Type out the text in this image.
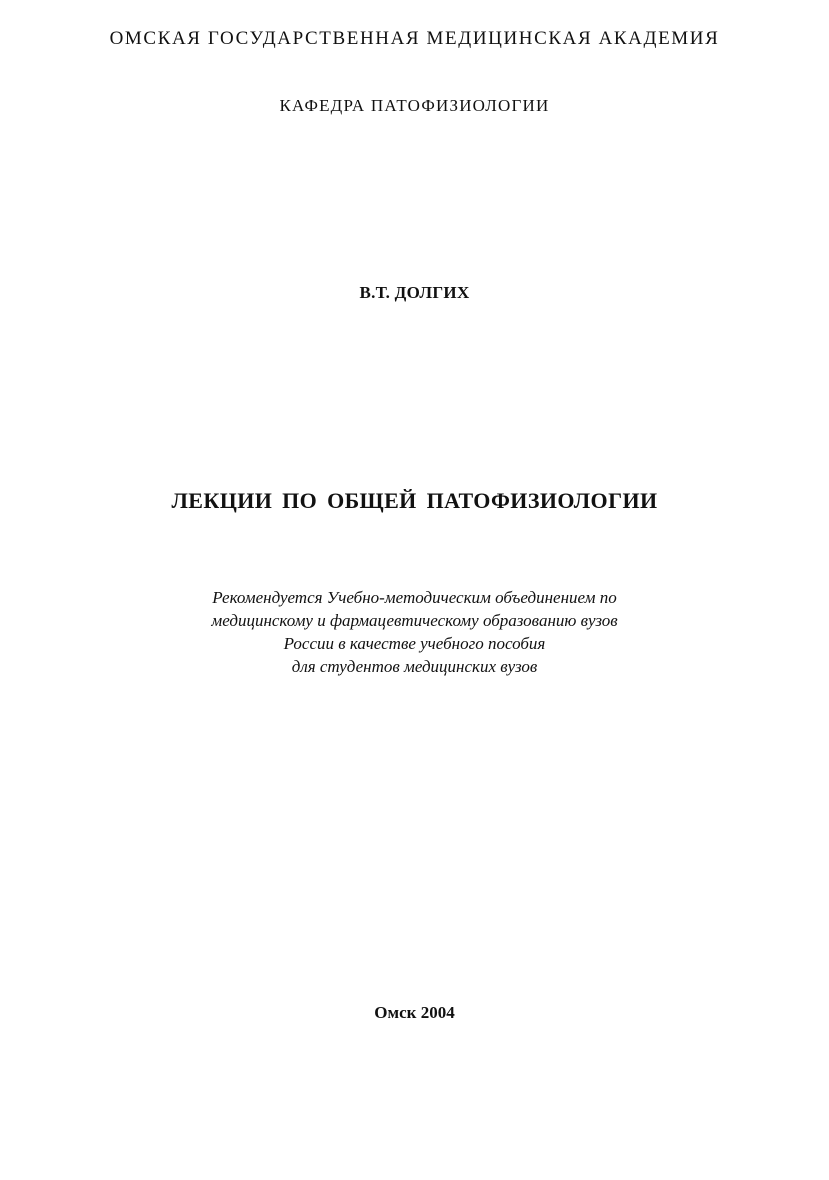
ОМСКАЯ ГОСУДАРСТВЕННАЯ МЕДИЦИНСКАЯ АКАДЕМИЯ
КАФЕДРА ПАТОФИЗИОЛОГИИ
В.Т. ДОЛГИХ
ЛЕКЦИИ ПО ОБЩЕЙ ПАТОФИЗИОЛОГИИ
Рекомендуется Учебно-методическим объединением по
медицинскому и фармацевтическому образованию вузов
России в качестве учебного пособия
для студентов медицинских вузов
Омск 2004
